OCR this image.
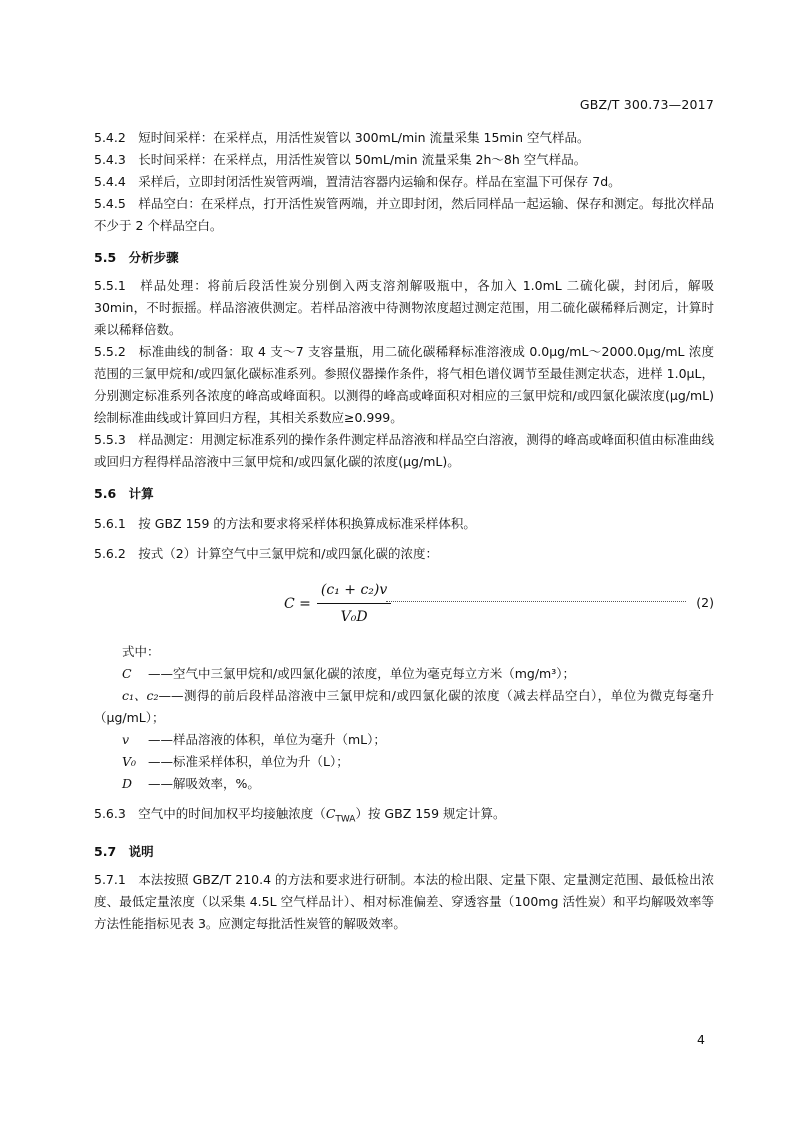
GBZ/T 300.73—2017

5.4.2　短时间采样：在采样点，用活性炭管以 300mL/min 流量采集 15min 空气样品。

5.4.3　长时间采样：在采样点，用活性炭管以 50mL/min 流量采集 2h～8h 空气样品。

5.4.4　采样后，立即封闭活性炭管两端，置清洁容器内运输和保存。样品在室温下可保存 7d。

5.4.5　样品空白：在采样点，打开活性炭管两端，并立即封闭，然后同样品一起运输、保存和测定。每批次样品不少于 2 个样品空白。

5.5　分析步骤

5.5.1　样品处理：将前后段活性炭分别倒入两支溶剂解吸瓶中，各加入 1.0mL 二硫化碳，封闭后，解吸 30min，不时振摇。样品溶液供测定。若样品溶液中待测物浓度超过测定范围，用二硫化碳稀释后测定，计算时乘以稀释倍数。

5.5.2　标准曲线的制备：取 4 支～7 支容量瓶，用二硫化碳稀释标准溶液成 0.0μg/mL～2000.0μg/mL 浓度范围的三氯甲烷和/或四氯化碳标准系列。参照仪器操作条件，将气相色谱仪调节至最佳测定状态，进样 1.0μL，分别测定标准系列各浓度的峰高或峰面积。以测得的峰高或峰面积对相应的三氯甲烷和/或四氯化碳浓度(μg/mL)绘制标准曲线或计算回归方程，其相关系数应≥0.999。

5.5.3　样品测定：用测定标准系列的操作条件测定样品溶液和样品空白溶液，测得的峰高或峰面积值由标准曲线或回归方程得样品溶液中三氯甲烷和/或四氯化碳的浓度(μg/mL)。

5.6　计算

5.6.1　按 GBZ 159 的方法和要求将采样体积换算成标准采样体积。

5.6.2　按式（2）计算空气中三氯甲烷和/或四氯化碳的浓度：

$C = \frac{\text{(c₁ + c₂)v}}{\text{V₀D}}$	(2)

式中：

C ——空气中三氯甲烷和/或四氯化碳的浓度，单位为毫克每立方米（mg/m³）；

c₁、c₂——测得的前后段样品溶液中三氯甲烷和/或四氯化碳的浓度（减去样品空白），单位为微克每毫升（μg/mL）；

v ——样品溶液的体积，单位为毫升（mL）；

V₀ ——标准采样体积，单位为升（L）；

D ——解吸效率，%。

5.6.3　空气中的时间加权平均接触浓度$(C_{TWA})$按 GBZ 159 规定计算。

5.7　说明

5.7.1　本法按照 GBZ/T 210.4 的方法和要求进行研制。本法的检出限、定量下限、定量测定范围、最低检出浓度、最低定量浓度（以采集 4.5L 空气样品计）、相对标准偏差、穿透容量（100mg 活性炭）和平均解吸效率等方法性能指标见表 3。应测定每批活性炭管的解吸效率。

4
